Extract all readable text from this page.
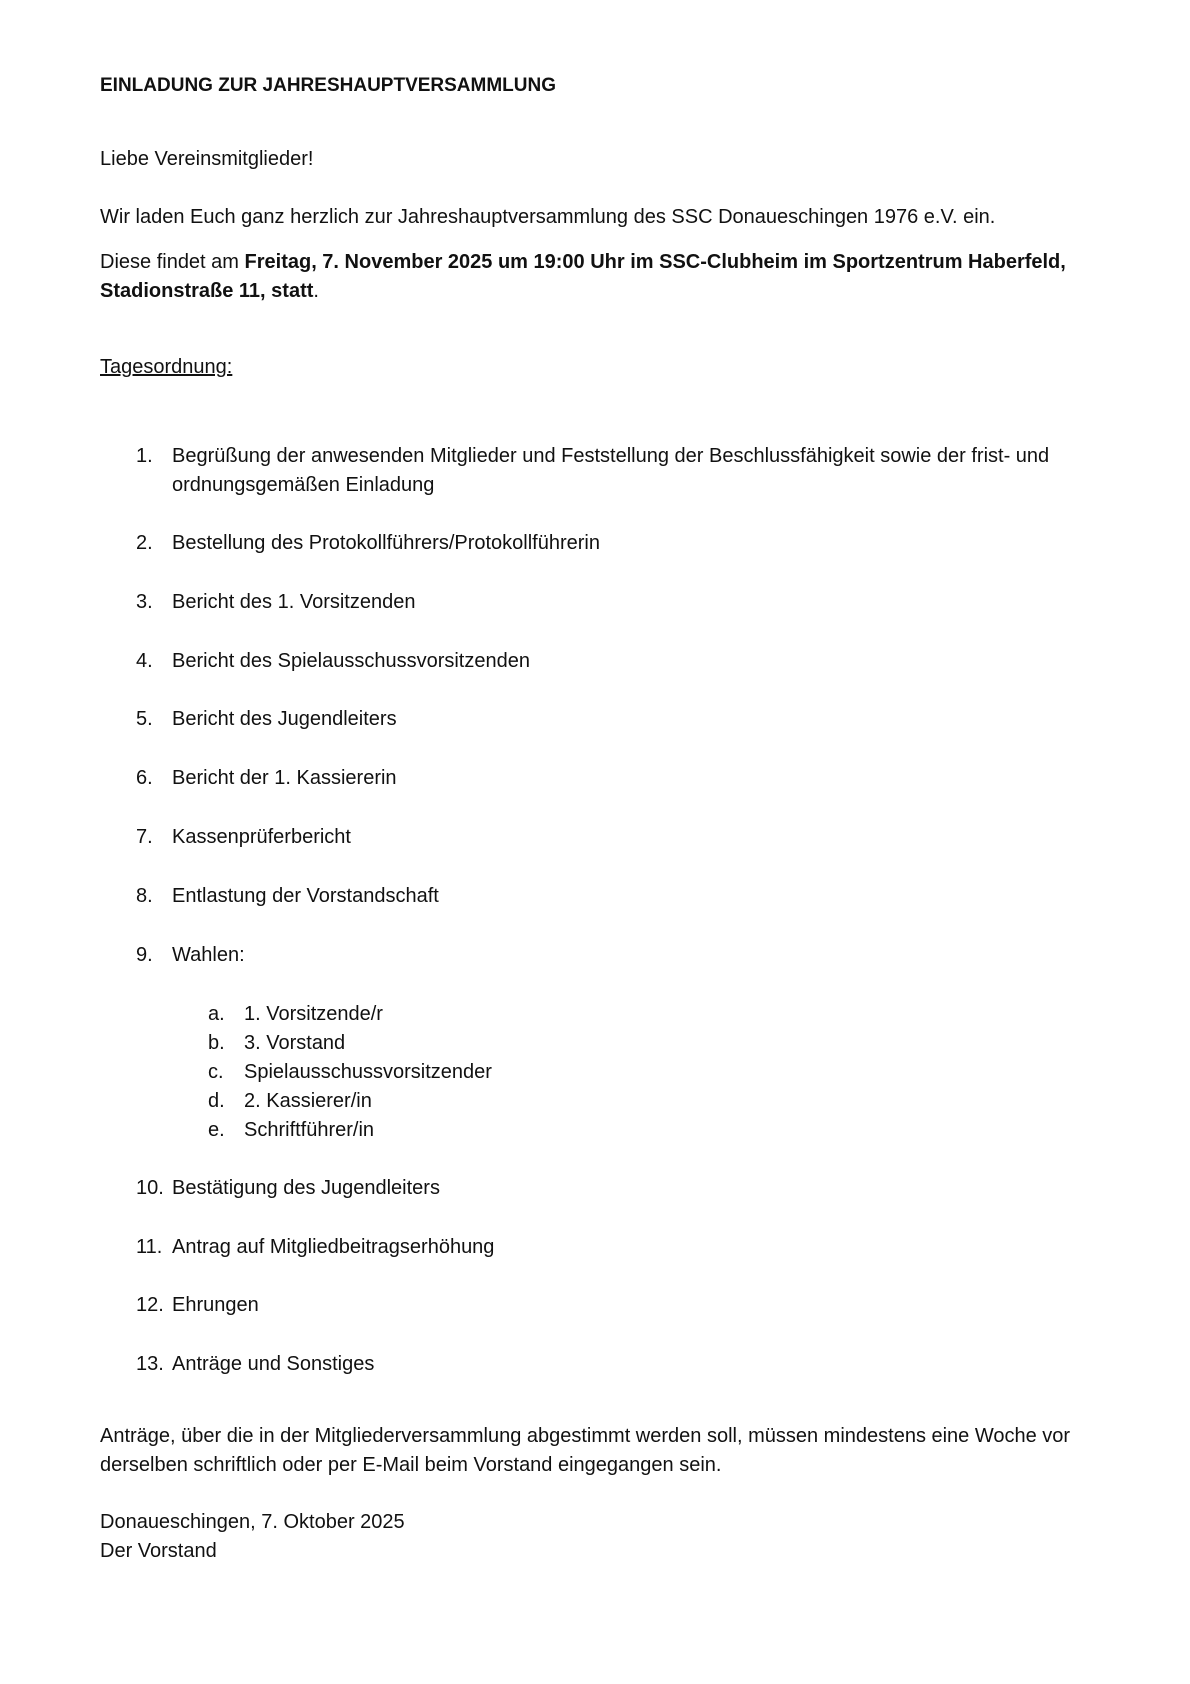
EINLADUNG ZUR JAHRESHAUPTVERSAMMLUNG

Liebe Vereinsmitglieder!

Wir laden Euch ganz herzlich zur Jahreshauptversammlung des SSC Donaueschingen 1976 e.V. ein.

Diese findet am Freitag, 7. November 2025 um 19:00 Uhr im SSC-Clubheim im Sportzentrum Haberfeld, Stadionstraße 11, statt.

Tagesordnung:

1. Begrüßung der anwesenden Mitglieder und Feststellung der Beschlussfähigkeit sowie der frist- und ordnungsgemäßen Einladung
2. Bestellung des Protokollführers/Protokollführerin
3. Bericht des 1. Vorsitzenden
4. Bericht des Spielausschussvorsitzenden
5. Bericht des Jugendleiters
6. Bericht der 1. Kassiererin
7. Kassenprüferbericht
8. Entlastung der Vorstandschaft
9. Wahlen:
a. 1. Vorsitzende/r
b. 3. Vorstand
c. Spielausschussvorsitzender
d. 2. Kassierer/in
e. Schriftführer/in
10. Bestätigung des Jugendleiters
11. Antrag auf Mitgliedbeitragserhöhung
12. Ehrungen
13. Anträge und Sonstiges

Anträge, über die in der Mitgliederversammlung abgestimmt werden soll, müssen mindestens eine Woche vor derselben schriftlich oder per E-Mail beim Vorstand eingegangen sein.

Donaueschingen, 7. Oktober 2025

Der Vorstand
